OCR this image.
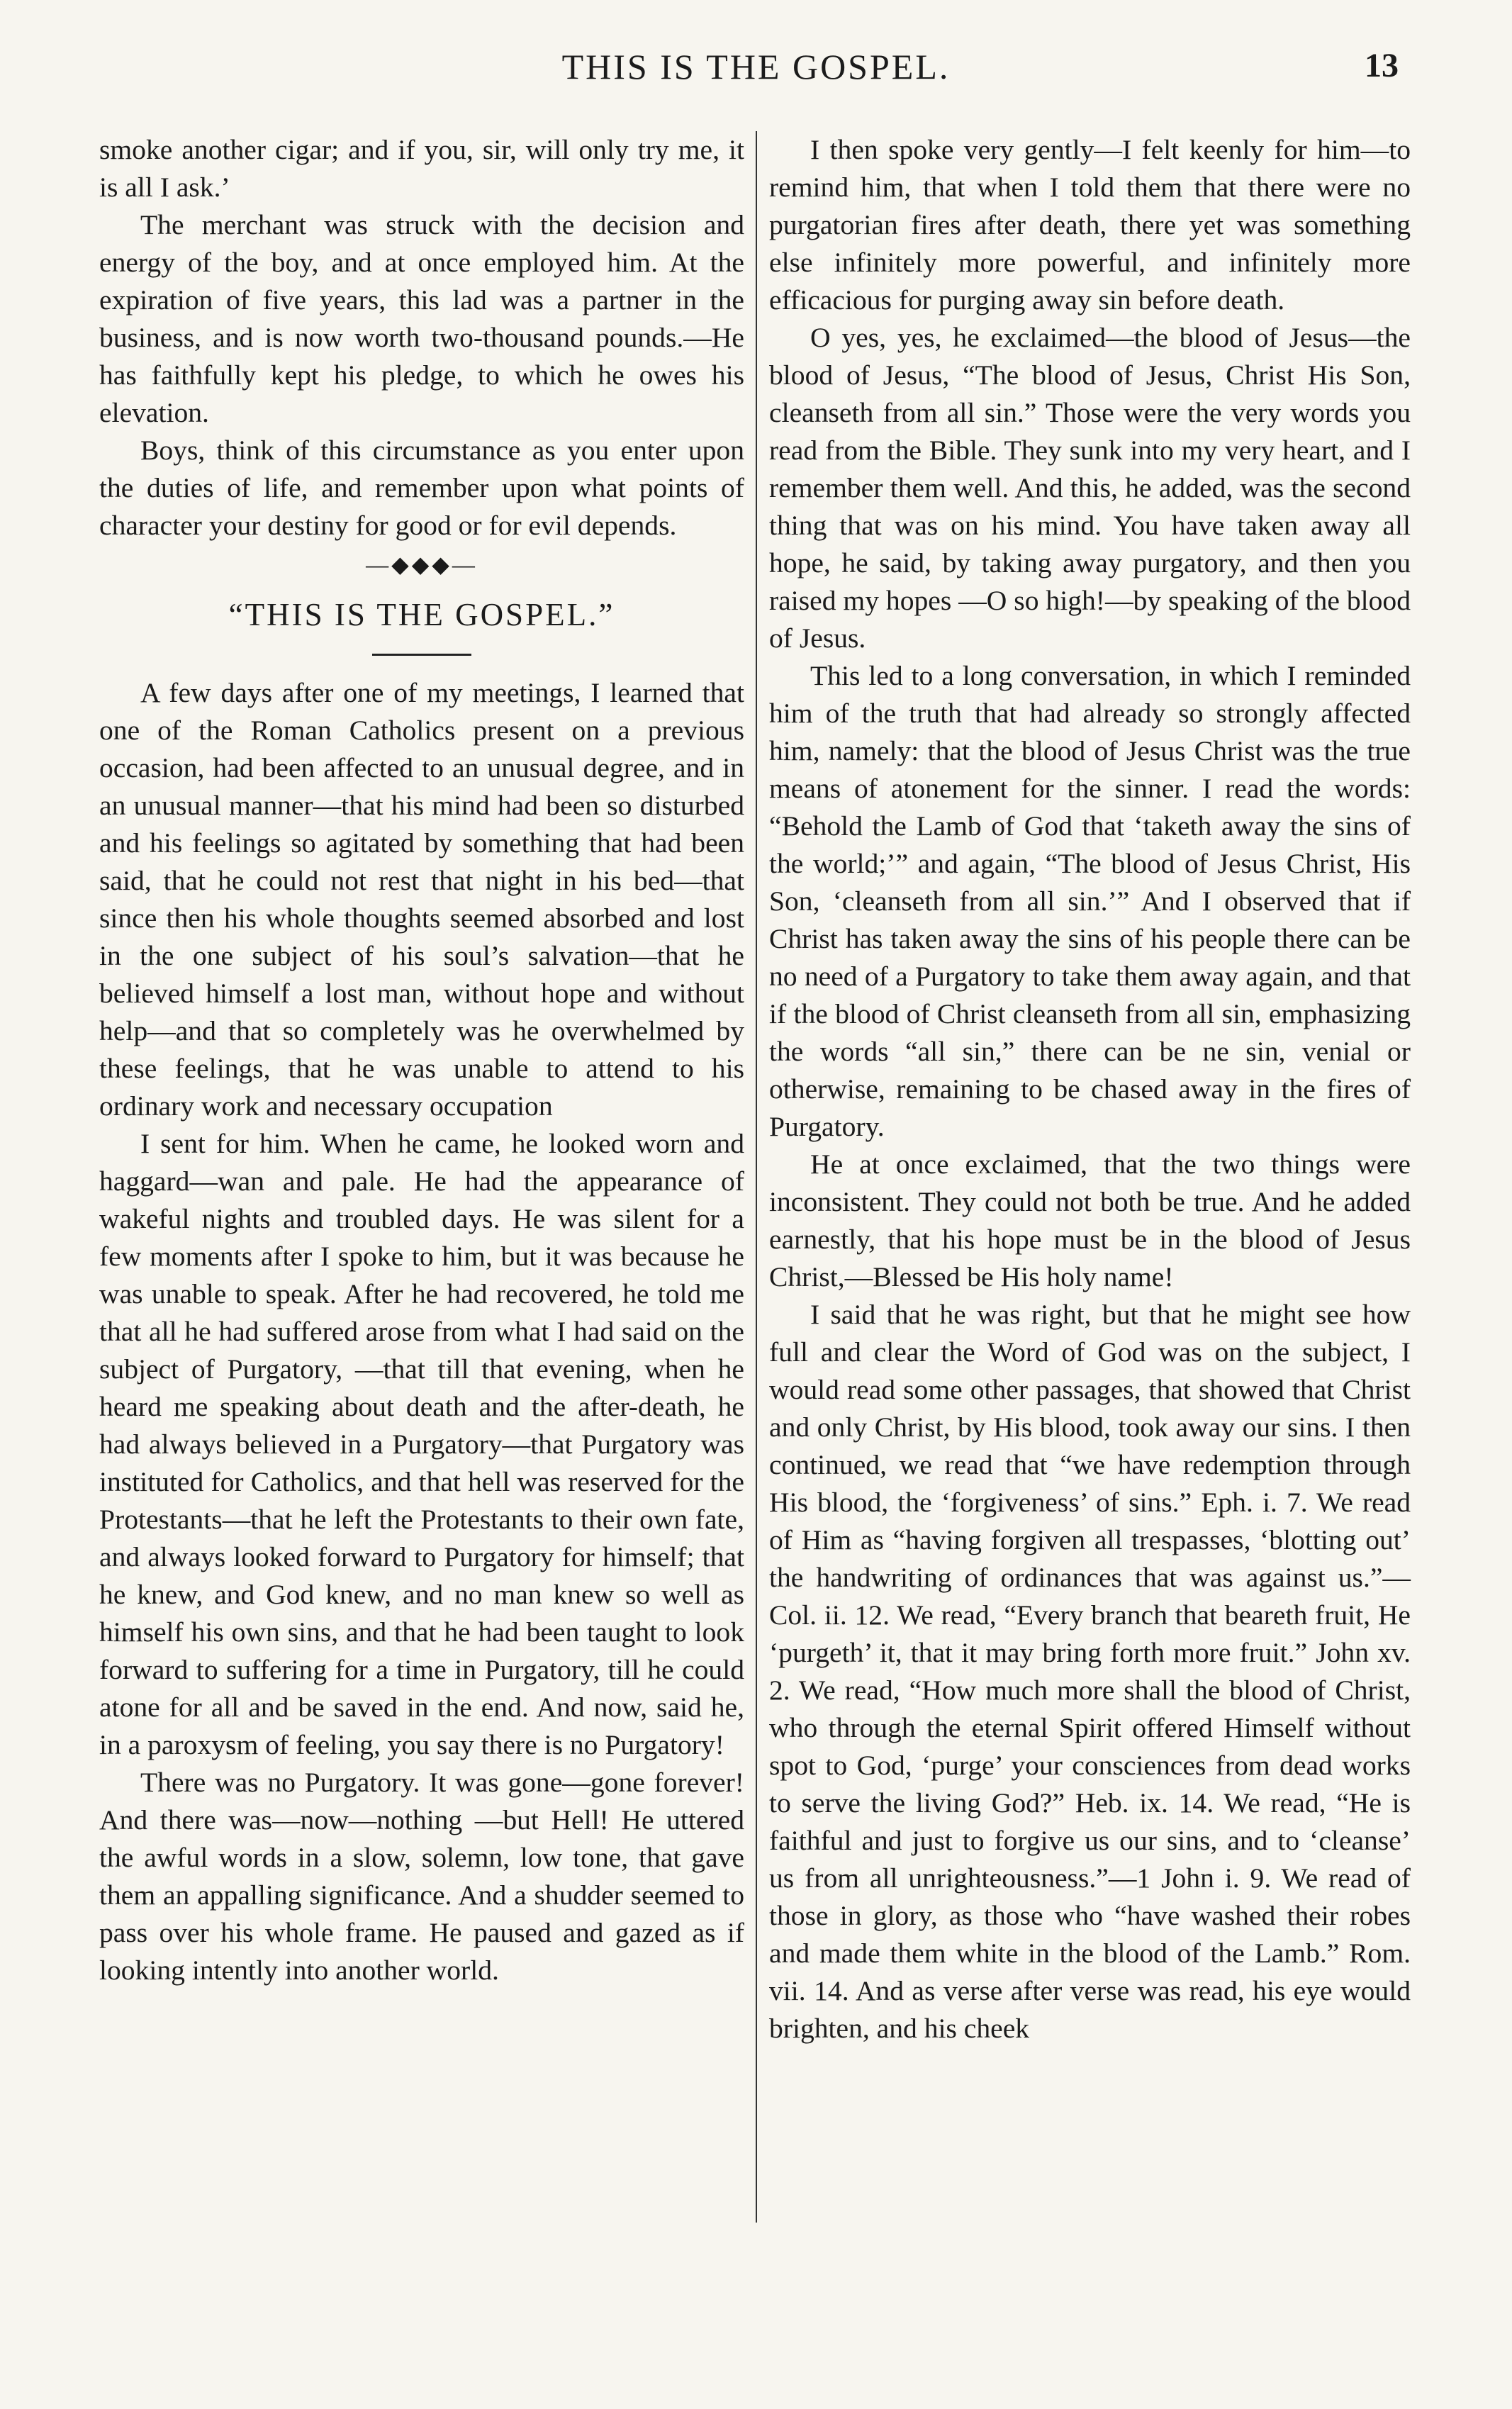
THIS IS THE GOSPEL.	13

smoke another cigar; and if you, sir, will only try me, it is all I ask.’

The merchant was struck with the decision and energy of the boy, and at once employed him. At the expiration of five years, this lad was a partner in the business, and is now worth two-thousand pounds.—He has faithfully kept his pledge, to which he owes his elevation.

Boys, think of this circumstance as you enter upon the duties of life, and remember upon what points of character your destiny for good or for evil depends.

—◆◆◆—
“THIS IS THE GOSPEL.”

A few days after one of my meetings, I learned that one of the Roman Catholics present on a previous occasion, had been affected to an unusual degree, and in an unusual manner—that his mind had been so disturbed and his feelings so agitated by something that had been said, that he could not rest that night in his bed—that since then his whole thoughts seemed absorbed and lost in the one subject of his soul’s salvation—that he believed himself a lost man, without hope and without help—and that so completely was he overwhelmed by these feelings, that he was unable to attend to his ordinary work and necessary occupation

I sent for him. When he came, he looked worn and haggard—wan and pale. He had the appearance of wakeful nights and troubled days. He was silent for a few moments after I spoke to him, but it was because he was unable to speak. After he had recovered, he told me that all he had suffered arose from what I had said on the subject of Purgatory, —that till that evening, when he heard me speaking about death and the after-death, he had always believed in a Purgatory—that Purgatory was instituted for Catholics, and that hell was reserved for the Protestants—that he left the Protestants to their own fate, and always looked forward to Purgatory for himself; that he knew, and God knew, and no man knew so well as himself his own sins, and that he had been taught to look forward to suffering for a time in Purgatory, till he could atone for all and be saved in the end. And now, said he, in a paroxysm of feeling, you say there is no Purgatory!

There was no Purgatory. It was gone—gone forever! And there was—now—nothing —but Hell! He uttered the awful words in a slow, solemn, low tone, that gave them an appalling significance. And a shudder seemed to pass over his whole frame. He paused and gazed as if looking intently into another world.

I then spoke very gently—I felt keenly for him—to remind him, that when I told them that there were no purgatorian fires after death, there yet was something else infinitely more powerful, and infinitely more efficacious for purging away sin before death.

O yes, yes, he exclaimed—the blood of Jesus—the blood of Jesus, “The blood of Jesus, Christ His Son, cleanseth from all sin.” Those were the very words you read from the Bible. They sunk into my very heart, and I remember them well. And this, he added, was the second thing that was on his mind. You have taken away all hope, he said, by taking away purgatory, and then you raised my hopes —O so high!—by speaking of the blood of Jesus.

This led to a long conversation, in which I reminded him of the truth that had already so strongly affected him, namely: that the blood of Jesus Christ was the true means of atonement for the sinner. I read the words: “Behold the Lamb of God that ‘taketh away the sins of the world;’” and again, “The blood of Jesus Christ, His Son, ‘cleanseth from all sin.’” And I observed that if Christ has taken away the sins of his people there can be no need of a Purgatory to take them away again, and that if the blood of Christ cleanseth from all sin, emphasizing the words “all sin,” there can be ne sin, venial or otherwise, remaining to be chased away in the fires of Purgatory.

He at once exclaimed, that the two things were inconsistent. They could not both be true. And he added earnestly, that his hope must be in the blood of Jesus Christ,—Blessed be His holy name!

I said that he was right, but that he might see how full and clear the Word of God was on the subject, I would read some other passages, that showed that Christ and only Christ, by His blood, took away our sins. I then continued, we read that “we have redemption through His blood, the ‘forgiveness’ of sins.” Eph. i. 7. We read of Him as “having forgiven all trespasses, ‘blotting out’ the handwriting of ordinances that was against us.”—Col. ii. 12. We read, “Every branch that beareth fruit, He ‘purgeth’ it, that it may bring forth more fruit.” John xv. 2. We read, “How much more shall the blood of Christ, who through the eternal Spirit offered Himself without spot to God, ‘purge’ your consciences from dead works to serve the living God?” Heb. ix. 14. We read, “He is faithful and just to forgive us our sins, and to ‘cleanse’ us from all unrighteousness.”—1 John i. 9. We read of those in glory, as those who “have washed their robes and made them white in the blood of the Lamb.” Rom. vii. 14. And as verse after verse was read, his eye would brighten, and his cheek
